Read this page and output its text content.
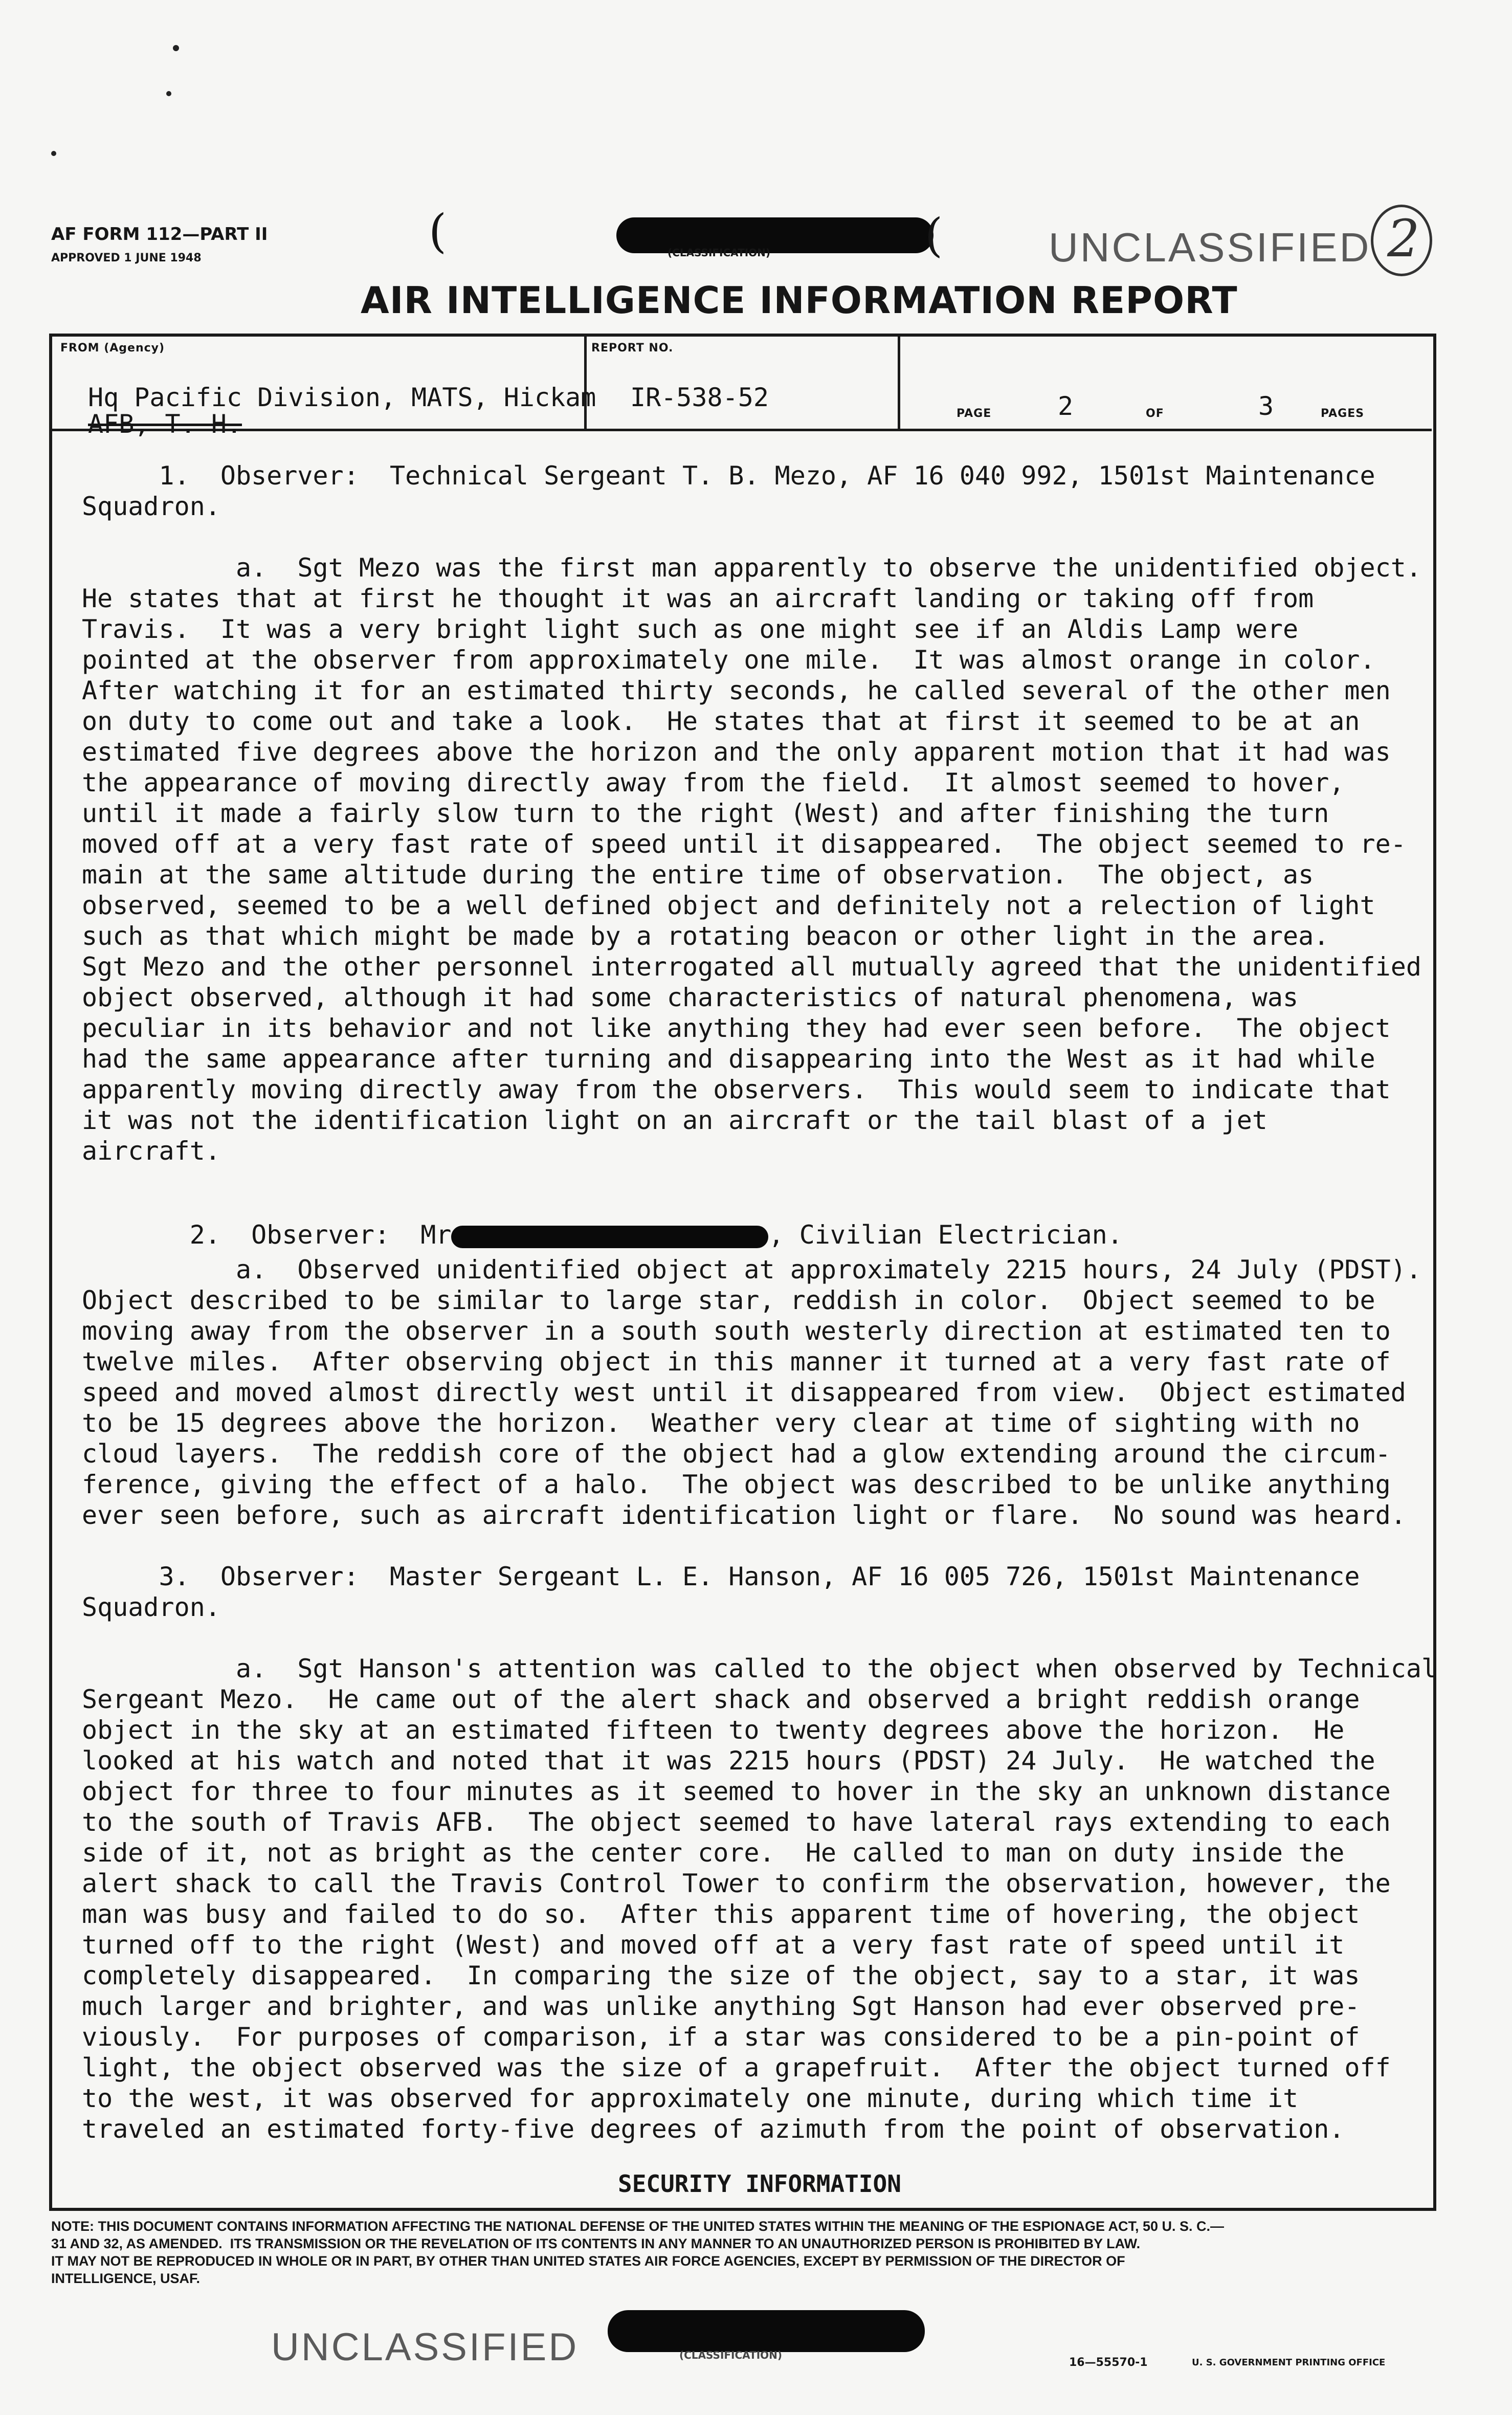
AF FORM 112—PART II
APPROVED 1 JUNE 1948	(	(
(CLASSIFICATION)	UNCLASSIFIED 2
AIR INTELLIGENCE INFORMATION REPORT
FROM (Agency)
Hq Pacific Division, MATS, Hickam
AFB, T. H.
REPORT NO.
IR-538-52
PAGE	2	OF	3	PAGES
1.  Observer:  Technical Sergeant T. B. Mezo, AF 16 040 992, 1501st Maintenance
Squadron.
a.  Sgt Mezo was the first man apparently to observe the unidentified object.
He states that at first he thought it was an aircraft landing or taking off from
Travis.  It was a very bright light such as one might see if an Aldis Lamp were
pointed at the observer from approximately one mile.  It was almost orange in color.
After watching it for an estimated thirty seconds, he called several of the other men
on duty to come out and take a look.  He states that at first it seemed to be at an
estimated five degrees above the horizon and the only apparent motion that it had was
the appearance of moving directly away from the field.  It almost seemed to hover,
until it made a fairly slow turn to the right (West) and after finishing the turn
moved off at a very fast rate of speed until it disappeared.  The object seemed to re-
main at the same altitude during the entire time of observation.  The object, as
observed, seemed to be a well defined object and definitely not a relection of light
such as that which might be made by a rotating beacon or other light in the area.
Sgt Mezo and the other personnel interrogated all mutually agreed that the unidentified
object observed, although it had some characteristics of natural phenomena, was
peculiar in its behavior and not like anything they had ever seen before.  The object
had the same appearance after turning and disappearing into the West as it had while
apparently moving directly away from the observers.  This would seem to indicate that
it was not the identification light on an aircraft or the tail blast of a jet
aircraft.

2.  Observer:  Mr	, Civilian Electrician.

a.  Observed unidentified object at approximately 2215 hours, 24 July (PDST).
Object described to be similar to large star, reddish in color.  Object seemed to be
moving away from the observer in a south south westerly direction at estimated ten to
twelve miles.  After observing object in this manner it turned at a very fast rate of
speed and moved almost directly west until it disappeared from view.  Object estimated
to be 15 degrees above the horizon.  Weather very clear at time of sighting with no
cloud layers.  The reddish core of the object had a glow extending around the circum-
ference, giving the effect of a halo.  The object was described to be unlike anything
ever seen before, such as aircraft identification light or flare.  No sound was heard.
3.  Observer:  Master Sergeant L. E. Hanson, AF 16 005 726, 1501st Maintenance
Squadron.
a.  Sgt Hanson's attention was called to the object when observed by Technical
Sergeant Mezo.  He came out of the alert shack and observed a bright reddish orange
object in the sky at an estimated fifteen to twenty degrees above the horizon.  He
looked at his watch and noted that it was 2215 hours (PDST) 24 July.  He watched the
object for three to four minutes as it seemed to hover in the sky an unknown distance
to the south of Travis AFB.  The object seemed to have lateral rays extending to each
side of it, not as bright as the center core.  He called to man on duty inside the
alert shack to call the Travis Control Tower to confirm the observation, however, the
man was busy and failed to do so.  After this apparent time of hovering, the object
turned off to the right (West) and moved off at a very fast rate of speed until it
completely disappeared.  In comparing the size of the object, say to a star, it was
much larger and brighter, and was unlike anything Sgt Hanson had ever observed pre-
viously.  For purposes of comparison, if a star was considered to be a pin-point of
light, the object observed was the size of a grapefruit.  After the object turned off
to the west, it was observed for approximately one minute, during which time it
traveled an estimated forty-five degrees of azimuth from the point of observation.
SECURITY INFORMATION
NOTE: THIS DOCUMENT CONTAINS INFORMATION AFFECTING THE NATIONAL DEFENSE OF THE UNITED STATES WITHIN THE MEANING OF THE ESPIONAGE ACT, 50 U. S. C.—
31 AND 32, AS AMENDED.  ITS TRANSMISSION OR THE REVELATION OF ITS CONTENTS IN ANY MANNER TO AN UNAUTHORIZED PERSON IS PROHIBITED BY LAW.
IT MAY NOT BE REPRODUCED IN WHOLE OR IN PART, BY OTHER THAN UNITED STATES AIR FORCE AGENCIES, EXCEPT BY PERMISSION OF THE DIRECTOR OF
INTELLIGENCE, USAF.
UNCLASSIFIED	(CLASSIFICATION)
16—55570-1	U. S. GOVERNMENT PRINTING OFFICE
